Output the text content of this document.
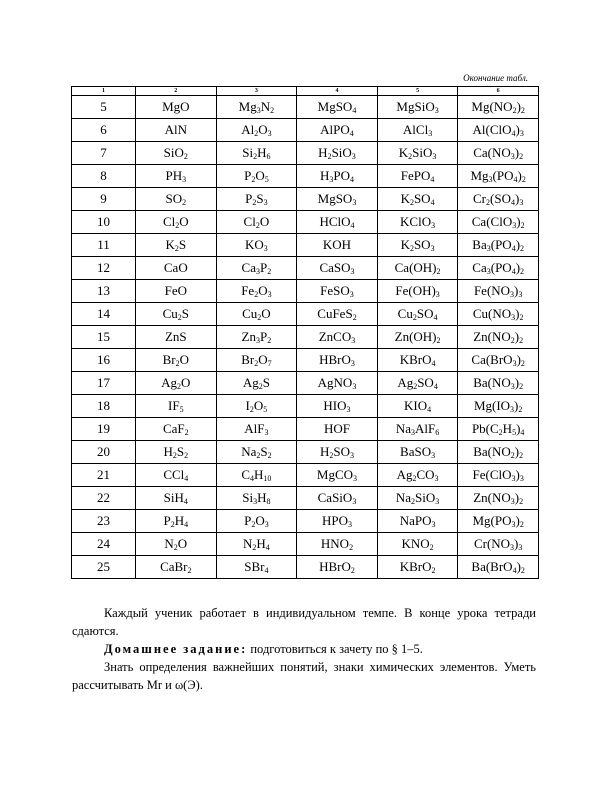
Окончание табл.
1	2	3	4	5	6
5	MgO	$Mg_3N_2$	MgSO$_4$	MgSiO$_3$	$Mg(NO_2)_2$
6	AlN	$Al_2O_3$	AlPO$_4$	AlCl$_3$	$Al(ClO_4)_3$
7	SiO$_2$	$Si_2H_6$	$H_2SiO_3$	$K_2SiO_3$	$Ca(NO_3)_2$
8	$PH_3$	$P_2O_5$	$H_3PO_4$	FePO$_4$	$Mg_3(PO_4)_2$
9	$SO_2$	$P_2S_3$	MgSO$_3$	$K_2SO_4$	$Cr_2(SO_4)_3$
10	$Cl_2O$	$Cl_2O$	HClO$_4$	KClO$_3$	$Ca(ClO_3)_2$
11	$K_2S$	$KO_3$	KOH	$K_2SO_3$	$Ba_3(PO_4)_2$
12	CaO	$Ca_3P_2$	CaSO$_3$	$Ca(OH)_2$	$Ca_3(PO_4)_2$
13	FeO	$Fe_2O_3$	FeSO$_3$	$Fe(OH)_3$	$Fe(NO_3)_3$
14	$Cu_2S$	$Cu_2O$	CuFeS$_2$	$Cu_2SO_4$	$Cu(NO_3)_2$
15	ZnS	$Zn_3P_2$	ZnCO$_3$	$Zn(OH)_2$	$Zn(NO_2)_2$
16	$Br_2O$	$Br_2O_7$	HBrO$_3$	KBrO$_4$	$Ca(BrO_3)_2$
17	$Ag_2O$	$Ag_2S$	AgNO$_3$	$Ag_2SO_4$	$Ba(NO_3)_2$
18	$IF_5$	$I_2O_5$	$HIO_3$	$KIO_4$	$Mg(IO_3)_2$
19	CaF$_2$	AlF$_3$	HOF	$Na_3AlF_6$	$Pb(C_2H_5)_4$
20	$H_2S_2$	$Na_2S_2$	$H_2SO_3$	BaSO$_3$	$Ba(NO_2)_2$
21	CCl$_4$	$C_4H_{10}$	MgCO$_3$	$Ag_2CO_3$	$Fe(ClO_3)_3$
22	SiH$_4$	$Si_3H_8$	CaSiO$_3$	$Na_2SiO_3$	$Zn(NO_3)_2$
23	$P_2H_4$	$P_2O_3$	$HPO_3$	NaPO$_3$	$Mg(PO_3)_2$
24	$N_2O$	$N_2H_4$	$HNO_2$	$KNO_2$	$Cr(NO_3)_3$
25	CaBr$_2$	SBr$_4$	HBrO$_2$	KBrO$_2$	$Ba(BrO_4)_2$
Каждый ученик работает в индивидуальном темпе. В конце урока тетради сдаются.
Домашнее задание: подготовиться к зачету по § 1–5.
Знать определения важнейших понятий, знаки химических элементов. Уметь рассчитывать Mr и ω(Э).
